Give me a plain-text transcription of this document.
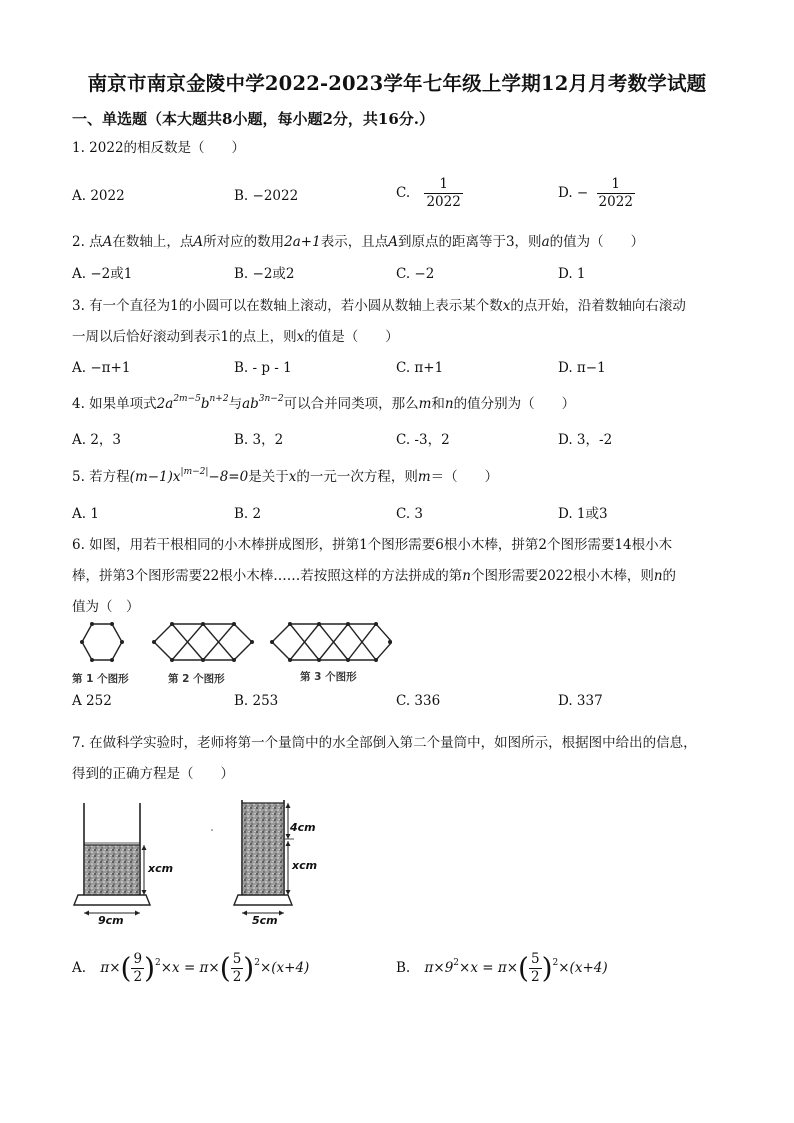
南京市南京金陵中学2022-2023学年七年级上学期12月月考数学试题
一、单选题（本大题共8小题，每小题2分，共16分.）
1. 2022的相反数是（　　）
A. 2022	B. −2022	C. $\frac{1}{2022}$	D. − $\frac{1}{2022}$
2. 点A在数轴上，点A所对应的数用2a+1表示，且点A到原点的距离等于3，则a的值为（　　）
A. −2或1	B. −2或2	C. −2	D. 1
3. 有一个直径为1的小圆可以在数轴上滚动，若小圆从数轴上表示某个数x的点开始，沿着数轴向右滚动
一周以后恰好滚动到表示1的点上，则x的值是（　　）
A. −π+1	B. - p - 1	C. π+1	D. π−1
4. 如果单项式$2a^{2m-5}b^{n+2}$与$ab^{3n-2}$可以合并同类项，那么m和n的值分别为（　　）
A. 2，3	B. 3，2	C. -3，2	D. 3，-2
5. 若方程$(m-1)x^{|m-2|}-8=0$是关于x的一元一次方程，则m＝（　　）
A. 1	B. 2	C. 3	D. 1或3
6. 如图，用若干根相同的小木棒拼成图形，拼第1个图形需要6根小木棒，拼第2个图形需要14根小木
棒，拼第3个图形需要22根小木棒……若按照这样的方法拼成的第n个图形需要2022根小木棒，则n的
值为（　）
第 1 个图形	第 2 个图形	第 3 个图形
A 252	B. 253	C. 336	D. 337
7. 在做科学实验时，老师将第一个量筒中的水全部倒入第二个量筒中，如图所示，根据图中给出的信息，
得到的正确方程是（　　）
xcm
9cm
4cm
xcm
5cm
A. $\pi\times( \frac{9}{2} )^2\times x = \pi\times( \frac{5}{2} )^2\times(x+4)$	B. $\pi\times 9^2\times x = \pi\times( \frac{5}{2} )^2\times(x+4)$
